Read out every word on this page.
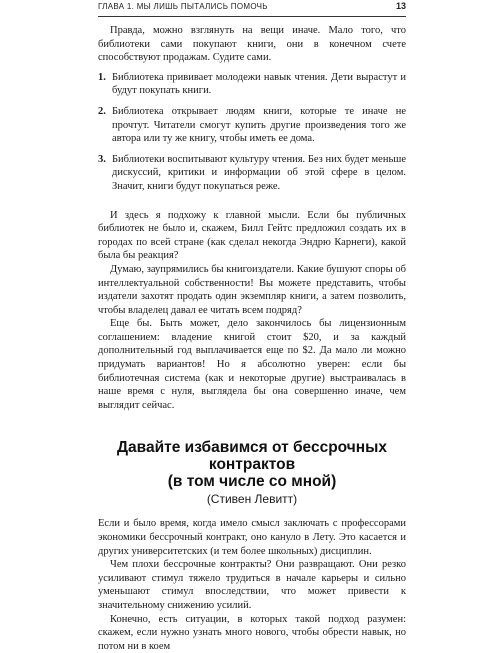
ГЛАВА 1. МЫ ЛИШЬ ПЫТАЛИСЬ ПОМОЧЬ	13

Правда, можно взглянуть на вещи иначе. Мало того, что библиотеки сами покупают книги, они в конечном счете способствуют продажам. Судите сами.

1. Библиотека прививает молодежи навык чтения. Дети вырастут и будут покупать книги.
2. Библиотека открывает людям книги, которые те иначе не прочтут. Читатели смогут купить другие произведения того же автора или ту же книгу, чтобы иметь ее дома.
3. Библиотеки воспитывают культуру чтения. Без них будет меньше дискуссий, критики и информации об этой сфере в целом. Значит, книги будут покупаться реже.

И здесь я подхожу к главной мысли. Если бы публичных библиотек не было и, скажем, Билл Гейтс предложил создать их в городах по всей стране (как сделал некогда Эндрю Карнеги), какой была бы реакция?

Думаю, заупрямились бы книгоиздатели. Какие бушуют споры об интеллектуальной собственности! Вы можете представить, чтобы издатели захотят продать один экземпляр книги, а затем позволить, чтобы владелец давал ее читать всем подряд?

Еще бы. Быть может, дело закончилось бы лицензионным соглашением: владение книгой стоит $20, и за каждый дополнительный год выплачивается еще по $2. Да мало ли можно придумать вариантов! Но я абсолютно уверен: если бы библиотечная система (как и некоторые другие) выстраивалась в наше время с нуля, выглядела бы она совершенно иначе, чем выглядит сейчас.

Давайте избавимся от бессрочных контрактов
(в том числе со мной)
(Стивен Левитт)

Если и было время, когда имело смысл заключать с профессорами экономики бессрочный контракт, оно кануло в Лету. Это касается и других университетских (и тем более школьных) дисциплин.

Чем плохи бессрочные контракты? Они развращают. Они резко усиливают стимул тяжело трудиться в начале карьеры и сильно уменьшают стимул впоследствии, что может привести к значительному снижению усилий.

Конечно, есть ситуации, в которых такой подход разумен: скажем, если нужно узнать много нового, чтобы обрести навык, но потом ни в коем
